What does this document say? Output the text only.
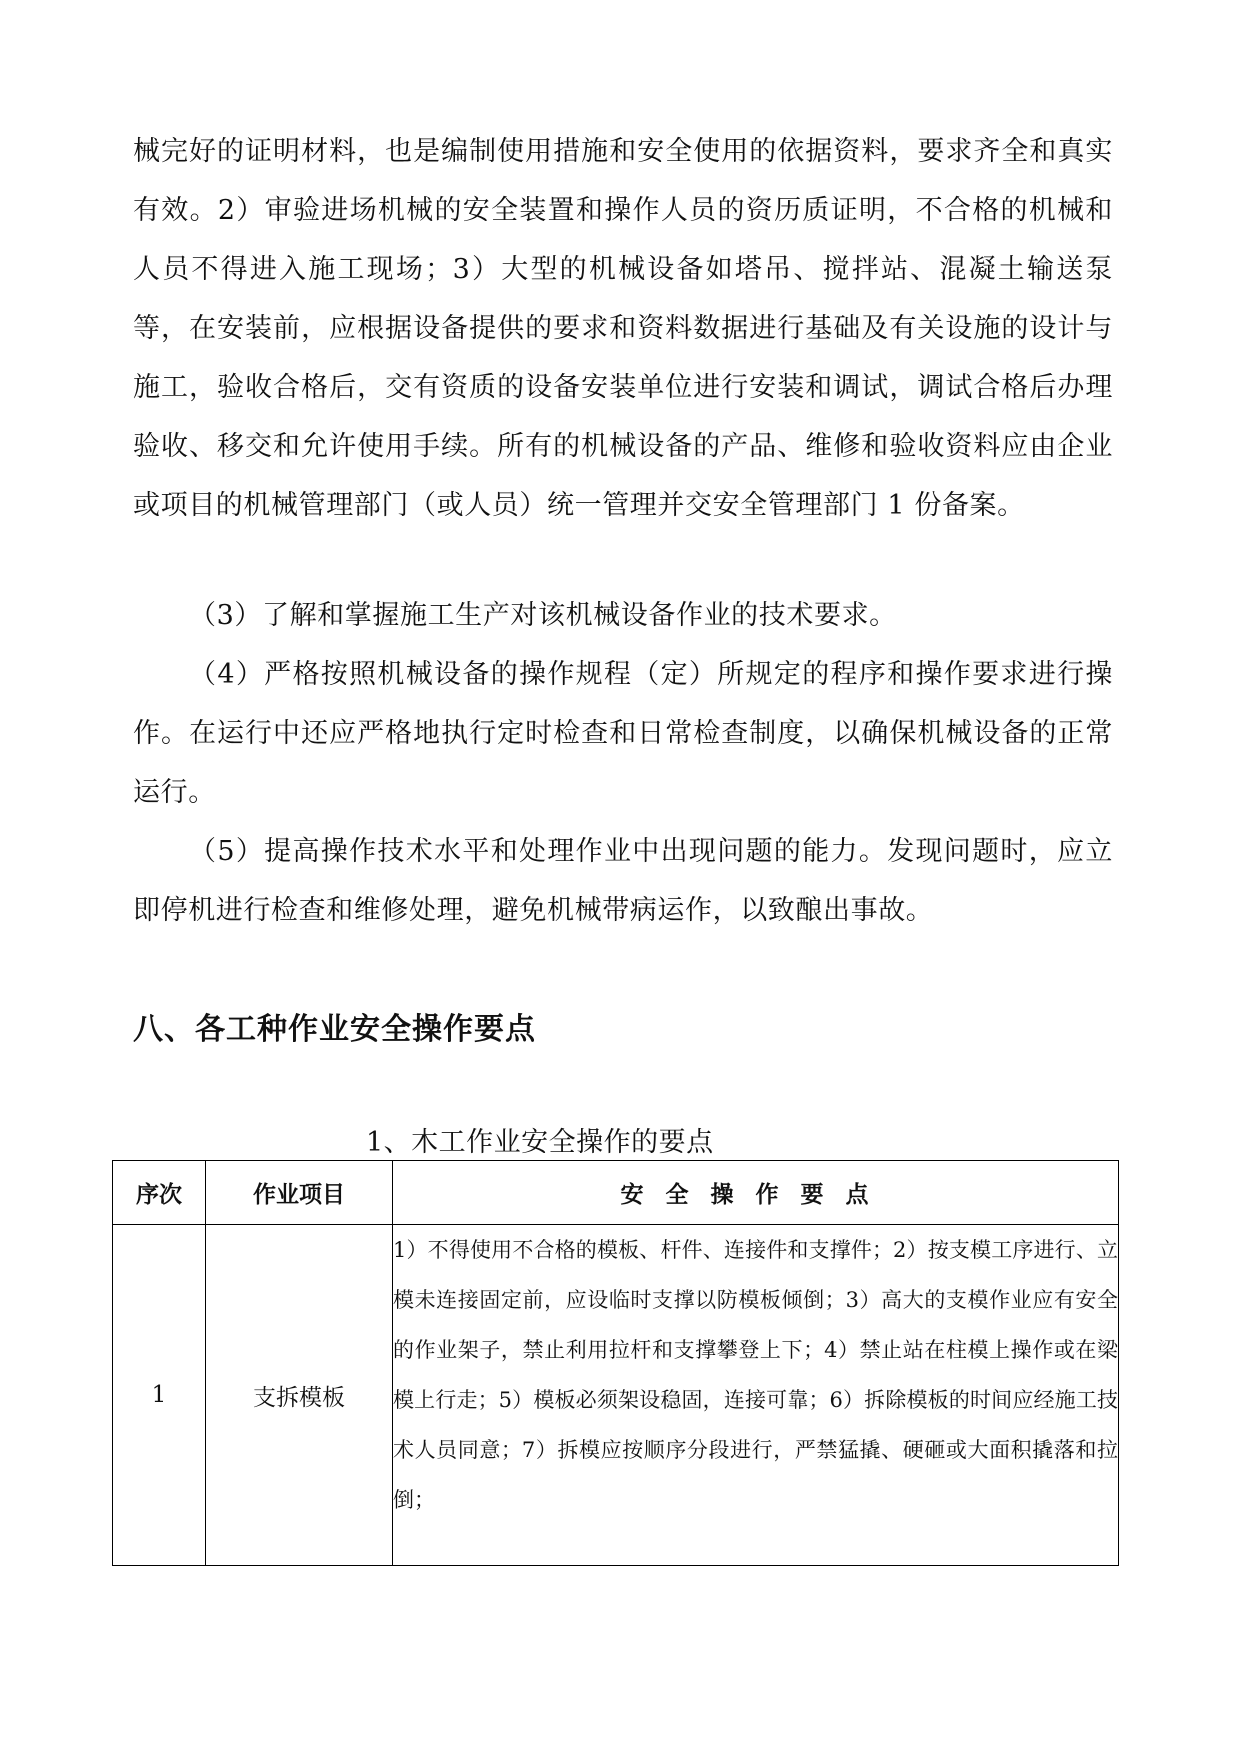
械完好的证明材料，也是编制使用措施和安全使用的依据资料，要求齐全和真实有效。2）审验进场机械的安全装置和操作人员的资历质证明，不合格的机械和人员不得进入施工现场；3）大型的机械设备如塔吊、搅拌站、混凝土输送泵等，在安装前，应根据设备提供的要求和资料数据进行基础及有关设施的设计与施工，验收合格后，交有资质的设备安装单位进行安装和调试，调试合格后办理验收、移交和允许使用手续。所有的机械设备的产品、维修和验收资料应由企业或项目的机械管理部门（或人员）统一管理并交安全管理部门 1 份备案。

（3）了解和掌握施工生产对该机械设备作业的技术要求。

（4）严格按照机械设备的操作规程（定）所规定的程序和操作要求进行操作。在运行中还应严格地执行定时检查和日常检查制度，以确保机械设备的正常运行。

（5）提高操作技术水平和处理作业中出现问题的能力。发现问题时，应立即停机进行检查和维修处理，避免机械带病运作，以致酿出事故。

八、各工种作业安全操作要点

1、木工作业安全操作的要点

序次	作业项目	安全操作要点
1	支拆模板	1）不得使用不合格的模板、杆件、连接件和支撑件；2）按支模工序进行、立模未连接固定前，应设临时支撑以防模板倾倒；3）高大的支模作业应有安全的作业架子，禁止利用拉杆和支撑攀登上下；4）禁止站在柱模上操作或在梁模上行走；5）模板必须架设稳固，连接可靠；6）拆除模板的时间应经施工技术人员同意；7）拆模应按顺序分段进行，严禁猛撬、硬砸或大面积撬落和拉倒；
